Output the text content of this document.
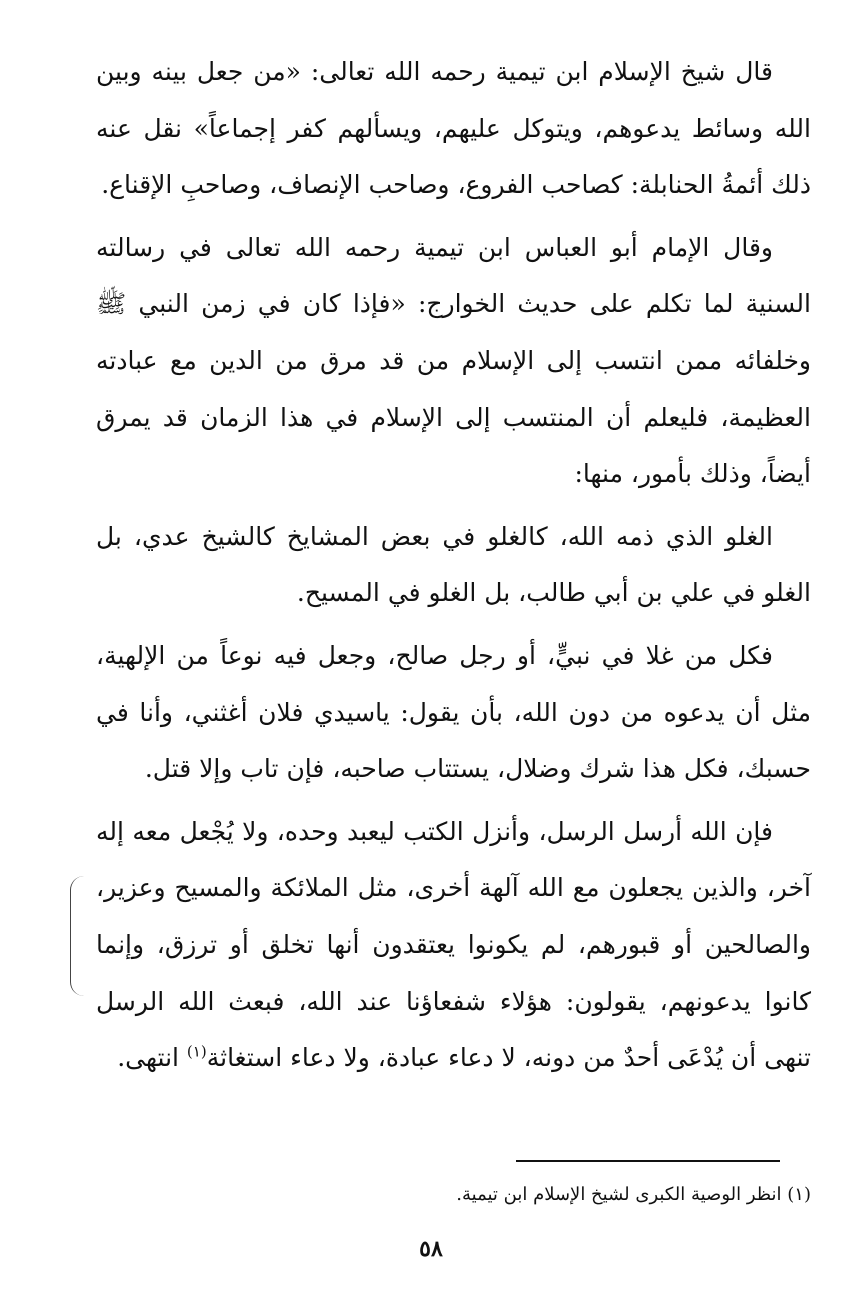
قال شيخ الإسلام ابن تيمية رحمه الله تعالى: «من جعل بينه وبين الله وسائط يدعوهم، ويتوكل عليهم، ويسألهم كفر إجماعاً» نقل عنه ذلك أئمةُ الحنابلة: كصاحب الفروع، وصاحب الإنصاف، وصاحبِ الإقناع.

وقال الإمام أبو العباس ابن تيمية رحمه الله تعالى في رسالته السنية لما تكلم على حديث الخوارج: «فإذا كان في زمن النبي ﷺ وخلفائه ممن انتسب إلى الإسلام من قد مرق من الدين مع عبادته العظيمة، فليعلم أن المنتسب إلى الإسلام في هذا الزمان قد يمرق أيضاً، وذلك بأمور، منها:

الغلو الذي ذمه الله، كالغلو في بعض المشايخ كالشيخ عدي، بل الغلو في علي بن أبي طالب، بل الغلو في المسيح.

فكل من غلا في نبيٍّ، أو رجل صالح، وجعل فيه نوعاً من الإلهية، مثل أن يدعوه من دون الله، بأن يقول: ياسيدي فلان أغثني، وأنا في حسبك، فكل هذا شرك وضلال، يستتاب صاحبه، فإن تاب وإلا قتل.

فإن الله أرسل الرسل، وأنزل الكتب ليعبد وحده، ولا يُجْعل معه إله آخر، والذين يجعلون مع الله آلهة أخرى، مثل الملائكة والمسيح وعزير، والصالحين أو قبورهم، لم يكونوا يعتقدون أنها تخلق أو ترزق، وإنما كانوا يدعونهم، يقولون: هؤلاء شفعاؤنا عند الله، فبعث الله الرسل تنهى أن يُدْعَى أحدٌ من دونه، لا دعاء عبادة، ولا دعاء استغاثة$^{(١)}$ انتهى.

(١) انظر الوصية الكبرى لشيخ الإسلام ابن تيمية.
٥٨
